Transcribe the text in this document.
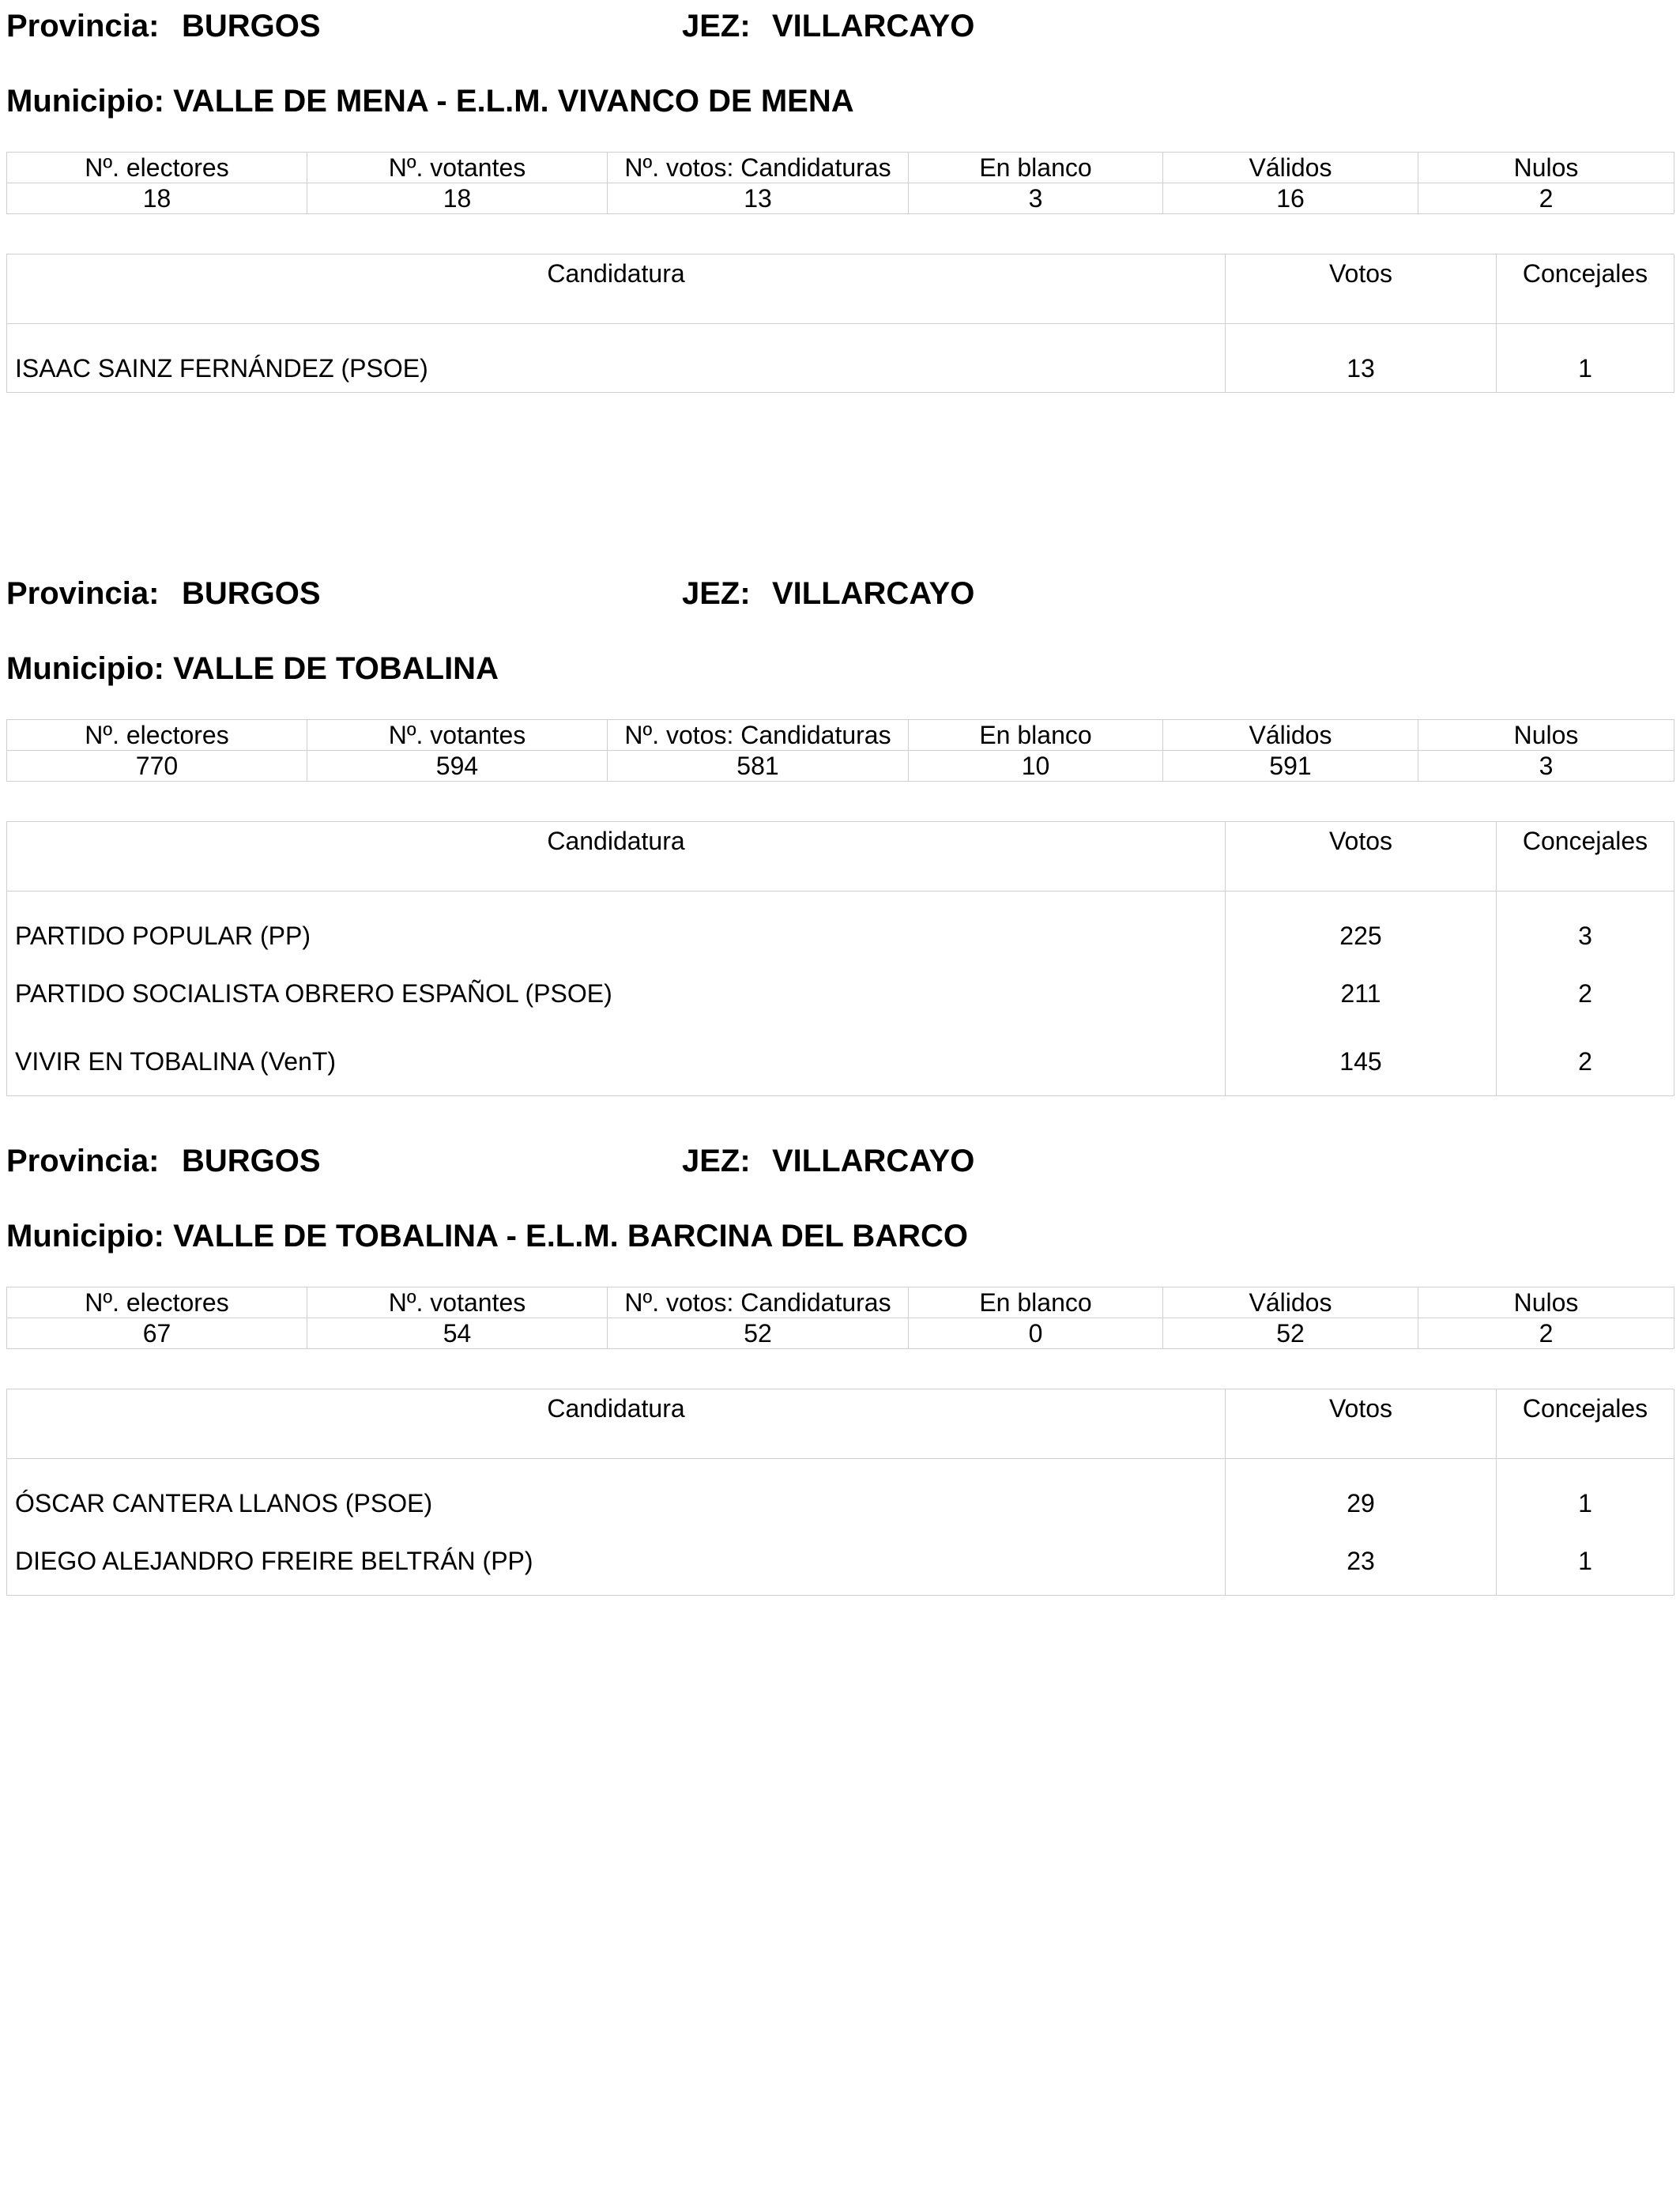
Provincia: BURGOS	JEZ: VILLARCAYO
Municipio: VALLE DE MENA - E.L.M. VIVANCO DE MENA
Nº. electores	Nº. votantes	Nº. votos: Candidaturas	En blanco	Válidos	Nulos
18	18	13	3	16	2
Candidatura	Votos	Concejales
ISAAC SAINZ FERNÁNDEZ (PSOE)	13	1
Provincia: BURGOS	JEZ: VILLARCAYO
Municipio: VALLE DE TOBALINA
Nº. electores	Nº. votantes	Nº. votos: Candidaturas	En blanco	Válidos	Nulos
770	594	581	10	591	3
Candidatura	Votos	Concejales
PARTIDO POPULAR (PP)	225	3
PARTIDO SOCIALISTA OBRERO ESPAÑOL (PSOE)	211	2
VIVIR EN TOBALINA (VenT)	145	2
Provincia: BURGOS	JEZ: VILLARCAYO
Municipio: VALLE DE TOBALINA - E.L.M. BARCINA DEL BARCO
Nº. electores	Nº. votantes	Nº. votos: Candidaturas	En blanco	Válidos	Nulos
67	54	52	0	52	2
Candidatura	Votos	Concejales
ÓSCAR CANTERA LLANOS (PSOE)	29	1
DIEGO ALEJANDRO FREIRE BELTRÁN (PP)	23	1
